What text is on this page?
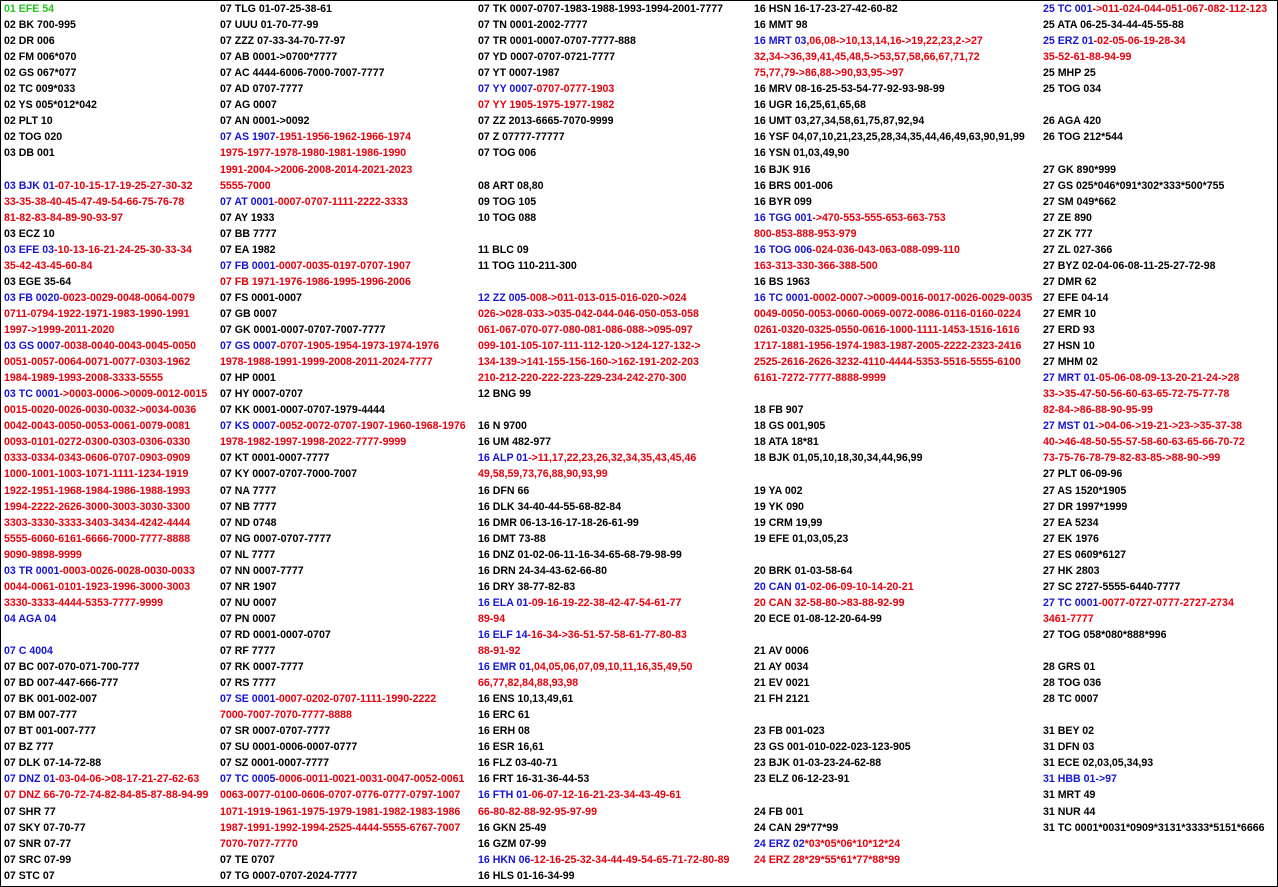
01 EFE 54
02 BK 700-995
02 DR 006
02 FM 006*070
02 GS 067*077
02 TC 009*033
02 YS 005*012*042
02 PLT 10
02 TOG 020
03 DB 001
03 BJK 01-07-10-15-17-19-25-27-30-32
33-35-38-40-45-47-49-54-66-75-76-78
81-82-83-84-89-90-93-97
03 ECZ 10
03 EFE 03-10-13-16-21-24-25-30-33-34
35-42-43-45-60-84
03 EGE 35-64
03 FB 0020-0023-0029-0048-0064-0079
0711-0794-1922-1971-1983-1990-1991
1997->1999-2011-2020
03 GS 0007-0038-0040-0043-0045-0050
0051-0057-0064-0071-0077-0303-1962
1984-1989-1993-2008-3333-5555
03 TC 0001->0003-0006->0009-0012-0015
0015-0020-0026-0030-0032->0034-0036
0042-0043-0050-0053-0061-0079-0081
0093-0101-0272-0300-0303-0306-0330
0333-0334-0343-0606-0707-0903-0909
1000-1001-1003-1071-1111-1234-1919
1922-1951-1968-1984-1986-1988-1993
1994-2222-2626-3000-3003-3030-3300
3303-3330-3333-3403-3434-4242-4444
5555-6060-6161-6666-7000-7777-8888
9090-9898-9999
03 TR 0001-0003-0026-0028-0030-0033
0044-0061-0101-1923-1996-3000-3003
3330-3333-4444-5353-7777-9999
04 AGA 04
07 C 4004
07 BC 007-070-071-700-777
07 BD 007-447-666-777
07 BK 001-002-007
07 BM 007-777
07 BT 001-007-777
07 BZ 777
07 DLK 07-14-72-88
07 DNZ 01-03-04-06->08-17-21-27-62-63
07 DNZ 66-70-72-74-82-84-85-87-88-94-99
07 SHR 77
07 SKY 07-70-77
07 SNR 07-77
07 SRC 07-99
07 STC 07
07 TLG 01-07-25-38-61
07 UUU 01-70-77-99
07 ZZZ 07-33-34-70-77-97
07 AB 0001->0700*7777
07 AC 4444-6006-7000-7007-7777
07 AD 0707-7777
07 AG 0007
07 AN 0001->0092
07 AS 1907-1951-1956-1962-1966-1974
1975-1977-1978-1980-1981-1986-1990
1991-2004->2006-2008-2014-2021-2023
5555-7000
07 AT 0001-0007-0707-1111-2222-3333
07 AY 1933
07 BB 7777
07 EA 1982
07 FB 0001-0007-0035-0197-0707-1907
07 FB 1971-1976-1986-1995-1996-2006
07 FS 0001-0007
07 GB 0007
07 GK 0001-0007-0707-7007-7777
07 GS 0007-0707-1905-1954-1973-1974-1976
1978-1988-1991-1999-2008-2011-2024-7777
07 HP 0001
07 HY 0007-0707
07 KK 0001-0007-0707-1979-4444
07 KS 0007-0052-0072-0707-1907-1960-1968-1976
1978-1982-1997-1998-2022-7777-9999
07 KT 0001-0007-7777
07 KY 0007-0707-7000-7007
07 NA 7777
07 NB 7777
07 ND 0748
07 NG 0007-0707-7777
07 NL 7777
07 NN 0007-7777
07 NR 1907
07 NU 0007
07 PN 0007
07 RD 0001-0007-0707
07 RF 7777
07 RK 0007-7777
07 RS 7777
07 SE 0001-0007-0202-0707-1111-1990-2222
7000-7007-7070-7777-8888
07 SR 0007-0707-7777
07 SU 0001-0006-0007-0777
07 SZ 0001-0007-7777
07 TC 0005-0006-0011-0021-0031-0047-0052-0061
0063-0077-0100-0606-0707-0776-0777-0797-1007
1071-1919-1961-1975-1979-1981-1982-1983-1986
1987-1991-1992-1994-2525-4444-5555-6767-7007
7070-7077-7770
07 TE 0707
07 TG 0007-0707-2024-7777
07 TK 0007-0707-1983-1988-1993-1994-2001-7777
07 TN 0001-2002-7777
07 TR 0001-0007-0707-7777-888
07 YD 0007-0707-0721-7777
07 YT 0007-1987
07 YY 0007-0707-0777-1903
07 YY 1905-1975-1977-1982
07 ZZ 2013-6665-7070-9999
07 Z 07777-77777
07 TOG 006
08 ART 08,80
09 TOG 105
10 TOG 088
11 BLC 09
11 TOG 110-211-300
12 ZZ 005-008->011-013-015-016-020->024
026->028-033->035-042-044-046-050-053-058
061-067-070-077-080-081-086-088->095-097
099-101-105-107-111-112-120->124-127-132->
134-139->141-155-156-160->162-191-202-203
210-212-220-222-223-229-234-242-270-300
12 BNG 99
16 N 9700
16 UM 482-977
16 ALP 01->11,17,22,23,26,32,34,35,43,45,46
49,58,59,73,76,88,90,93,99
16 DFN 66
16 DLK 34-40-44-55-68-82-84
16 DMR 06-13-16-17-18-26-61-99
16 DMT 73-88
16 DNZ 01-02-06-11-16-34-65-68-79-98-99
16 DRN 24-34-43-62-66-80
16 DRY 38-77-82-83
16 ELA 01-09-16-19-22-38-42-47-54-61-77
89-94
16 ELF 14-16-34->36-51-57-58-61-77-80-83
88-91-92
16 EMR 01,04,05,06,07,09,10,11,16,35,49,50
66,77,82,84,88,93,98
16 ENS 10,13,49,61
16 ERC 61
16 ERH 08
16 ESR 16,61
16 FLZ 03-40-71
16 FRT 16-31-36-44-53
16 FTH 01-06-07-12-16-21-23-34-43-49-61
66-80-82-88-92-95-97-99
16 GKN 25-49
16 GZM 07-99
16 HKN 06-12-16-25-32-34-44-49-54-65-71-72-80-89
16 HLS 01-16-34-99
16 HSN 16-17-23-27-42-60-82
16 MMT 98
16 MRT 03,06,08->10,13,14,16->19,22,23,2->27
32,34->36,39,41,45,48,5->53,57,58,66,67,71,72
75,77,79->86,88->90,93,95->97
16 MRV 08-16-25-53-54-77-92-93-98-99
16 UGR 16,25,61,65,68
16 UMT 03,27,34,58,61,75,87,92,94
16 YSF 04,07,10,21,23,25,28,34,35,44,46,49,63,90,91,99
16 YSN 01,03,49,90
16 BJK 916
16 BRS 001-006
16 BYR 099
16 TGG 001->470-553-555-653-663-753
800-853-888-953-979
16 TOG 006-024-036-043-063-088-099-110
163-313-330-366-388-500
16 BS 1963
16 TC 0001-0002-0007->0009-0016-0017-0026-0029-0035
0049-0050-0053-0060-0069-0072-0086-0116-0160-0224
0261-0320-0325-0550-0616-1000-1111-1453-1516-1616
1717-1881-1956-1974-1983-1987-2005-2222-2323-2416
2525-2616-2626-3232-4110-4444-5353-5516-5555-6100
6161-7272-7777-8888-9999
18 FB 907
18 GS 001,905
18 ATA 18*81
18 BJK 01,05,10,18,30,34,44,96,99
19 YA 002
19 YK 090
19 CRM 19,99
19 EFE 01,03,05,23
20 BRK 01-03-58-64
20 CAN 01-02-06-09-10-14-20-21
20 CAN 32-58-80->83-88-92-99
20 ECE 01-08-12-20-64-99
21 AV 0006
21 AY 0034
21 EV 0021
21 FH 2121
23 FB 001-023
23 GS 001-010-022-023-123-905
23 BJK 01-03-23-24-62-88
23 ELZ 06-12-23-91
24 FB 001
24 CAN 29*77*99
24 ERZ 02*03*05*06*10*12*24
24 ERZ 28*29*55*61*77*88*99
25 TC 001->011-024-044-051-067-082-112-123
25 ATA 06-25-34-44-45-55-88
25 ERZ 01-02-05-06-19-28-34
35-52-61-88-94-99
25 MHP 25
25 TOG 034
26 AGA 420
26 TOG 212*544
27 GK 890*999
27 GS 025*046*091*302*333*500*755
27 SM 049*662
27 ZE 890
27 ZK 777
27 ZL 027-366
27 BYZ 02-04-06-08-11-25-27-72-98
27 DMR 62
27 EFE 04-14
27 EMR 10
27 ERD 93
27 HSN 10
27 MHM 02
27 MRT 01-05-06-08-09-13-20-21-24->28
33->35-47-50-56-60-63-65-72-75-77-78
82-84->86-88-90-95-99
27 MST 01->04-06->19-21->23->35-37-38
40->46-48-50-55-57-58-60-63-65-66-70-72
73-75-76-78-79-82-83-85->88-90->99
27 PLT 06-09-96
27 AS 1520*1905
27 DR 1997*1999
27 EA 5234
27 EK 1976
27 ES 0609*6127
27 HK 2803
27 SC 2727-5555-6440-7777
27 TC 0001-0077-0727-0777-2727-2734
3461-7777
27 TOG 058*080*888*996
28 GRS 01
28 TOG 036
28 TC 0007
31 BEY 02
31 DFN 03
31 ECE 02,03,05,34,93
31 HBB 01->97
31 MRT 49
31 NUR 44
31 TC 0001*0031*0909*3131*3333*5151*6666
